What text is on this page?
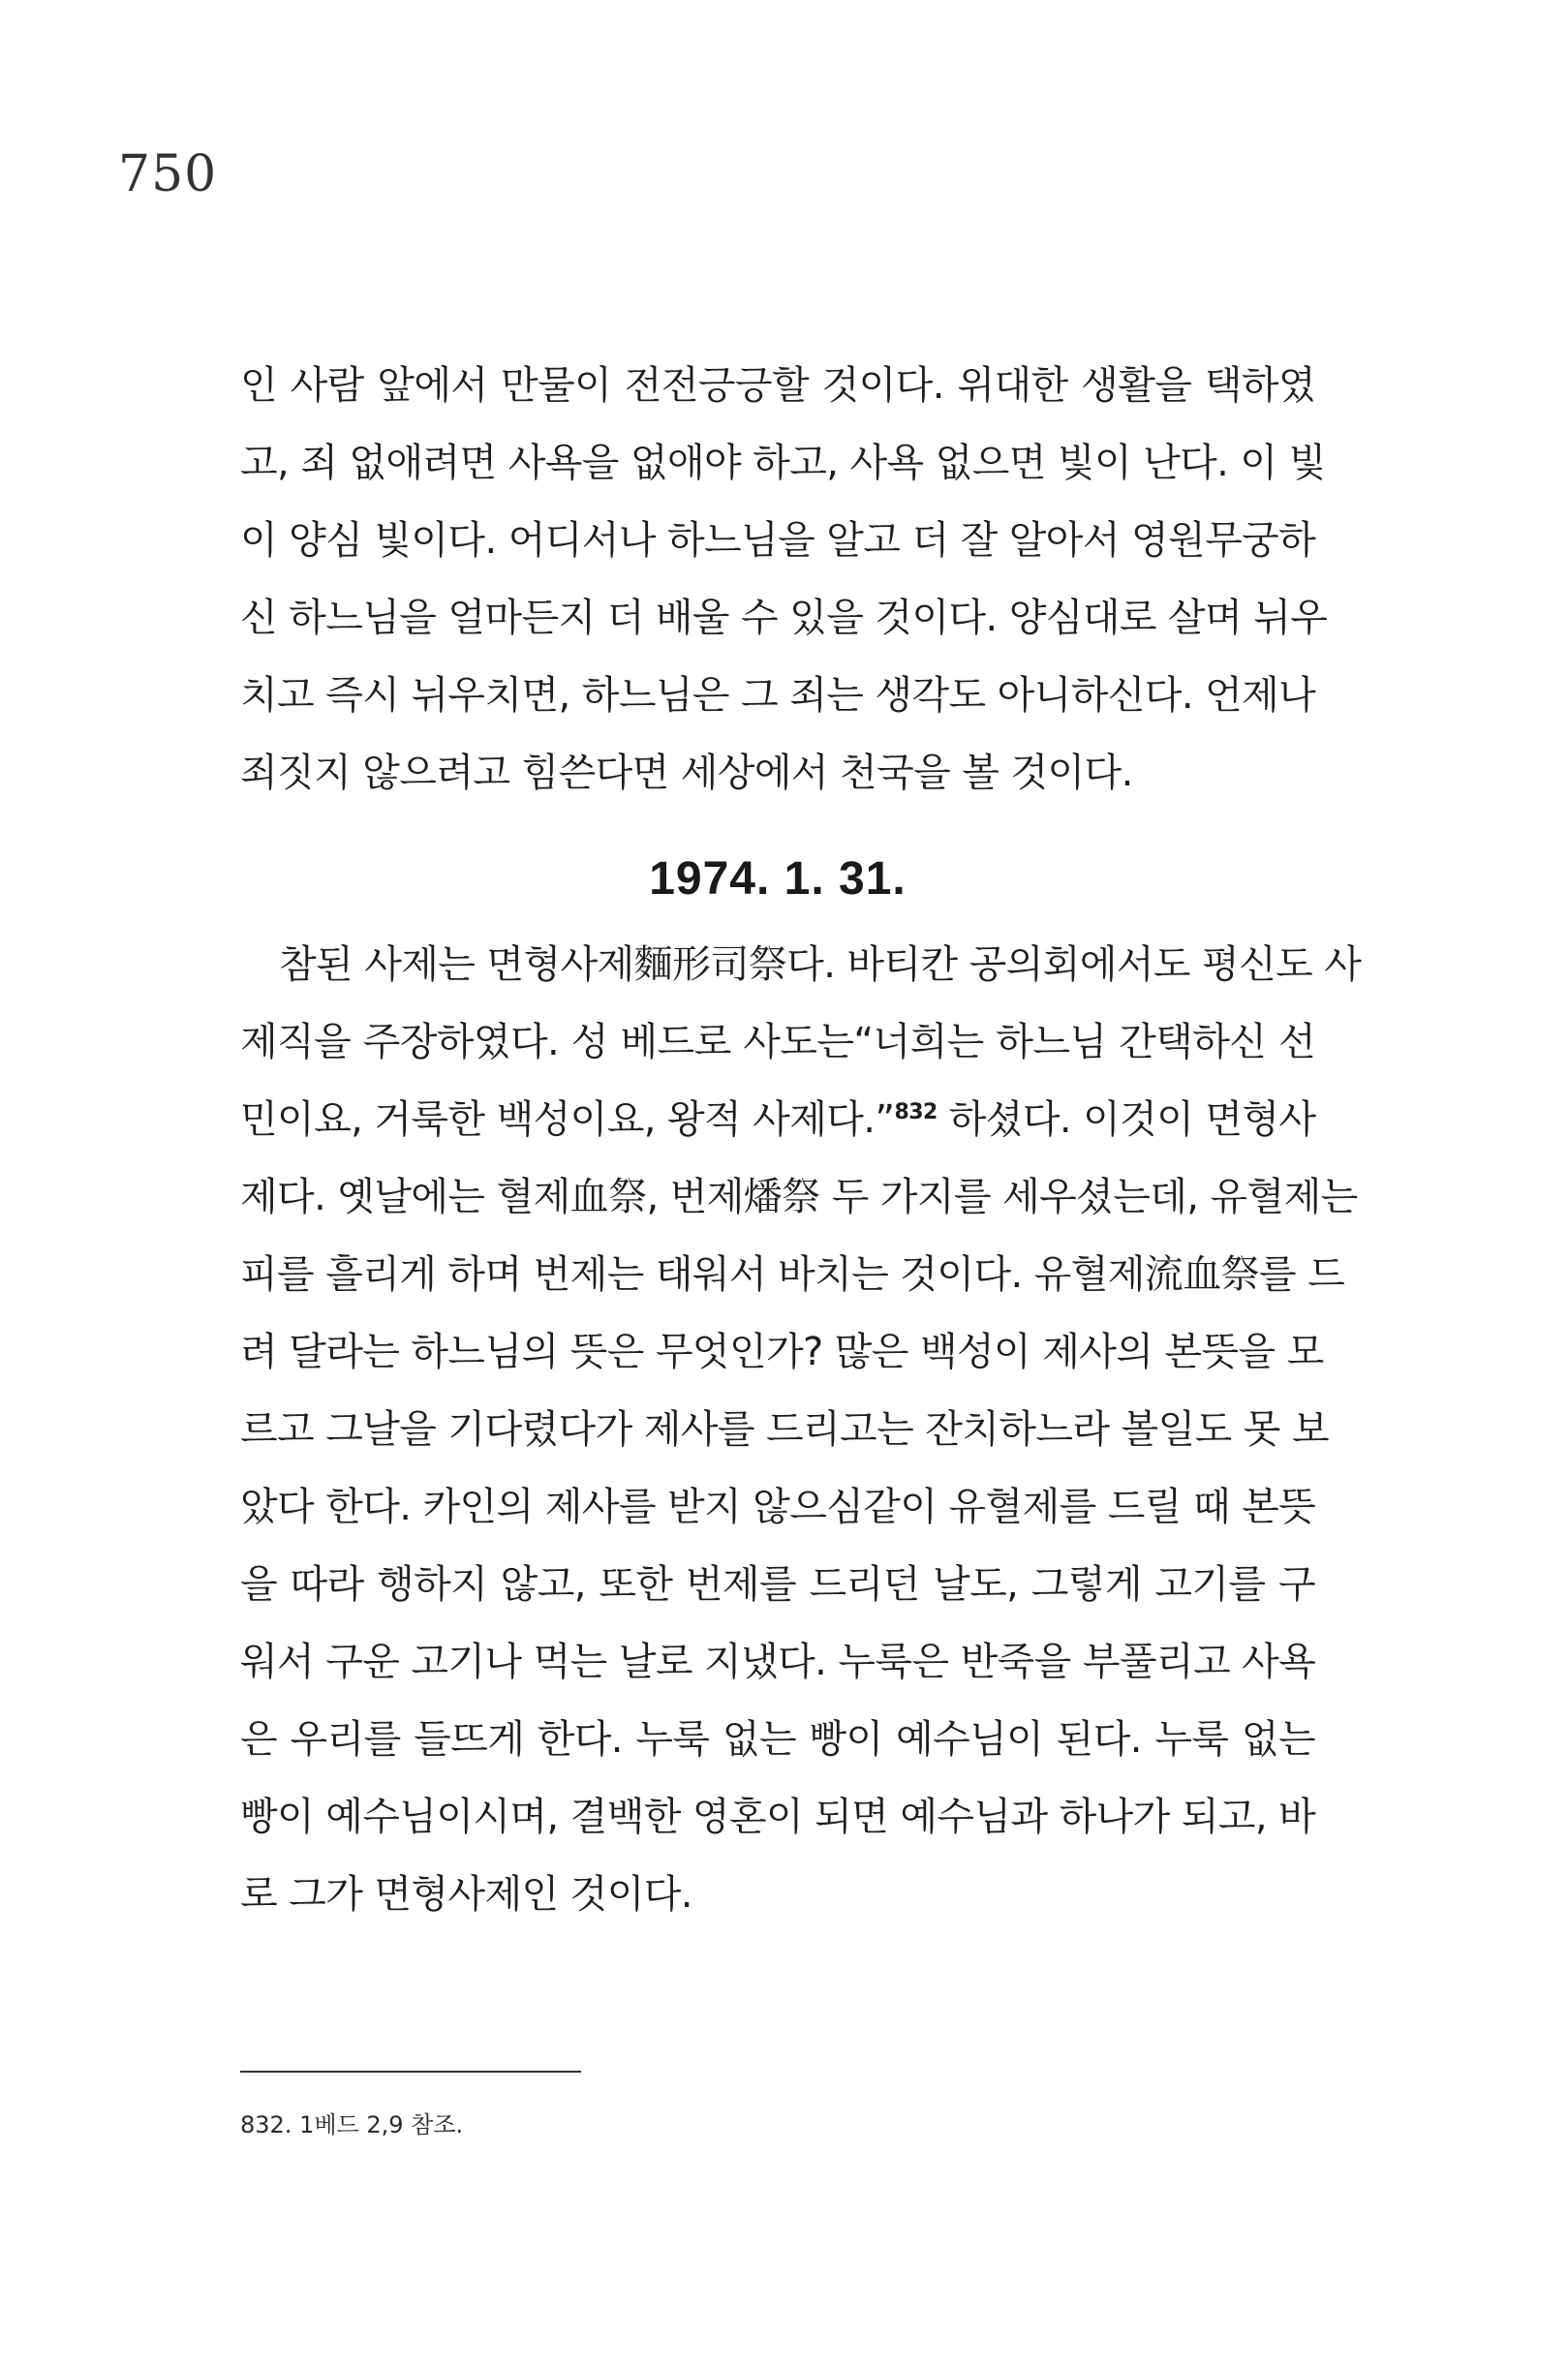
750
인 사람 앞에서 만물이 전전긍긍할 것이다. 위대한 생활을 택하였
고, 죄 없애려면 사욕을 없애야 하고, 사욕 없으면 빛이 난다. 이 빛
이 양심 빛이다. 어디서나 하느님을 알고 더 잘 알아서 영원무궁하
신 하느님을 얼마든지 더 배울 수 있을 것이다. 양심대로 살며 뉘우
치고 즉시 뉘우치면, 하느님은 그 죄는 생각도 아니하신다. 언제나
죄짓지 않으려고 힘쓴다면 세상에서 천국을 볼 것이다.
1974. 1. 31.
참된 사제는 면형사제麵形司祭다. 바티칸 공의회에서도 평신도 사
제직을 주장하였다. 성 베드로 사도는“너희는 하느님 간택하신 선
민이요, 거룩한 백성이요, 왕적 사제다.”$^{832}$ 하셨다. 이것이 면형사
제다. 옛날에는 혈제血祭, 번제燔祭 두 가지를 세우셨는데, 유혈제는
피를 흘리게 하며 번제는 태워서 바치는 것이다. 유혈제流血祭를 드
려 달라는 하느님의 뜻은 무엇인가? 많은 백성이 제사의 본뜻을 모
르고 그날을 기다렸다가 제사를 드리고는 잔치하느라 볼일도 못 보
았다 한다. 카인의 제사를 받지 않으심같이 유혈제를 드릴 때 본뜻
을 따라 행하지 않고, 또한 번제를 드리던 날도, 그렇게 고기를 구
워서 구운 고기나 먹는 날로 지냈다. 누룩은 반죽을 부풀리고 사욕
은 우리를 들뜨게 한다. 누룩 없는 빵이 예수님이 된다. 누룩 없는
빵이 예수님이시며, 결백한 영혼이 되면 예수님과 하나가 되고, 바
로 그가 면형사제인 것이다.

832. 1베드 2,9 참조.
